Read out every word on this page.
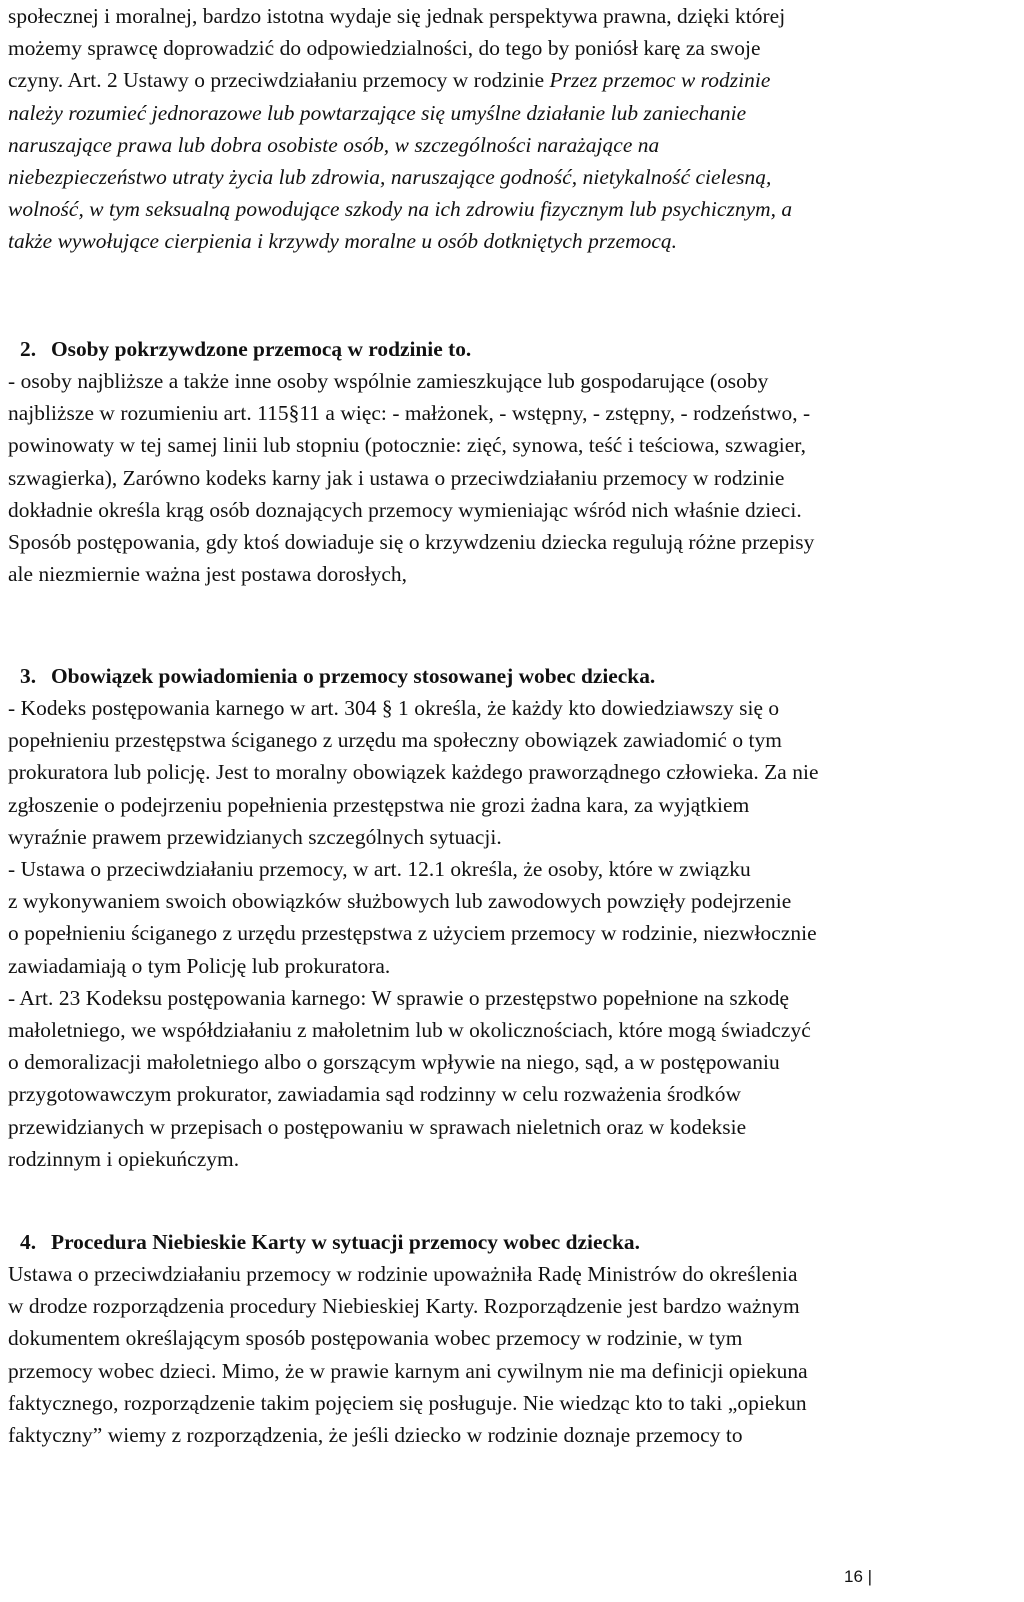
społecznej i moralnej, bardzo istotna wydaje się jednak perspektywa prawna, dzięki której
możemy sprawcę doprowadzić do odpowiedzialności, do tego by poniósł karę za swoje
czyny. Art. 2 Ustawy o przeciwdziałaniu przemocy w rodzinie Przez przemoc w rodzinie
należy rozumieć jednorazowe lub powtarzające się umyślne działanie lub zaniechanie
naruszające prawa lub dobra osobiste osób, w szczególności narażające na
niebezpieczeństwo utraty życia lub zdrowia, naruszające godność, nietykalność cielesną,
wolność, w tym seksualną powodujące szkody na ich zdrowiu fizycznym lub psychicznym, a
także wywołujące cierpienia i krzywdy moralne u osób dotkniętych przemocą.

2. Osoby pokrzywdzone przemocą w rodzinie to.

- osoby najbliższe a także inne osoby wspólnie zamieszkujące lub gospodarujące (osoby
najbliższe w rozumieniu art. 115§11 a więc: - małżonek, - wstępny, - zstępny, - rodzeństwo, -
powinowaty w tej samej linii lub stopniu (potocznie: zięć, synowa, teść i teściowa, szwagier,
szwagierka), Zarówno kodeks karny jak i ustawa o przeciwdziałaniu przemocy w rodzinie
dokładnie określa krąg osób doznających przemocy wymieniając wśród nich właśnie dzieci.
Sposób postępowania, gdy ktoś dowiaduje się o krzywdzeniu dziecka regulują różne przepisy
ale niezmiernie ważna jest postawa dorosłych,

3. Obowiązek powiadomienia o przemocy stosowanej wobec dziecka.

- Kodeks postępowania karnego w art. 304 § 1 określa, że każdy kto dowiedziawszy się o
popełnieniu przestępstwa ściganego z urzędu ma społeczny obowiązek zawiadomić o tym
prokuratora lub policję. Jest to moralny obowiązek każdego praworządnego człowieka. Za nie
zgłoszenie o podejrzeniu popełnienia przestępstwa nie grozi żadna kara, za wyjątkiem
wyraźnie prawem przewidzianych szczególnych sytuacji.
- Ustawa o przeciwdziałaniu przemocy, w art. 12.1 określa, że osoby, które w związku
z wykonywaniem swoich obowiązków służbowych lub zawodowych powzięły podejrzenie
o popełnieniu ściganego z urzędu przestępstwa z użyciem przemocy w rodzinie, niezwłocznie
zawiadamiają o tym Policję lub prokuratora.
- Art. 23 Kodeksu postępowania karnego: W sprawie o przestępstwo popełnione na szkodę
małoletniego, we współdziałaniu z małoletnim lub w okolicznościach, które mogą świadczyć
o demoralizacji małoletniego albo o gorszącym wpływie na niego, sąd, a w postępowaniu
przygotowawczym prokurator, zawiadamia sąd rodzinny w celu rozważenia środków
przewidzianych w przepisach o postępowaniu w sprawach nieletnich oraz w kodeksie
rodzinnym i opiekuńczym.

4. Procedura Niebieskie Karty w sytuacji przemocy wobec dziecka.

Ustawa o przeciwdziałaniu przemocy w rodzinie upoważniła Radę Ministrów do określenia
w drodze rozporządzenia procedury Niebieskiej Karty. Rozporządzenie jest bardzo ważnym
dokumentem określającym sposób postępowania wobec przemocy w rodzinie, w tym
przemocy wobec dzieci. Mimo, że w prawie karnym ani cywilnym nie ma definicji opiekuna
faktycznego, rozporządzenie takim pojęciem się posługuje. Nie wiedząc kto to taki „opiekun
faktyczny” wiemy z rozporządzenia, że jeśli dziecko w rodzinie doznaje przemocy to

16 |
